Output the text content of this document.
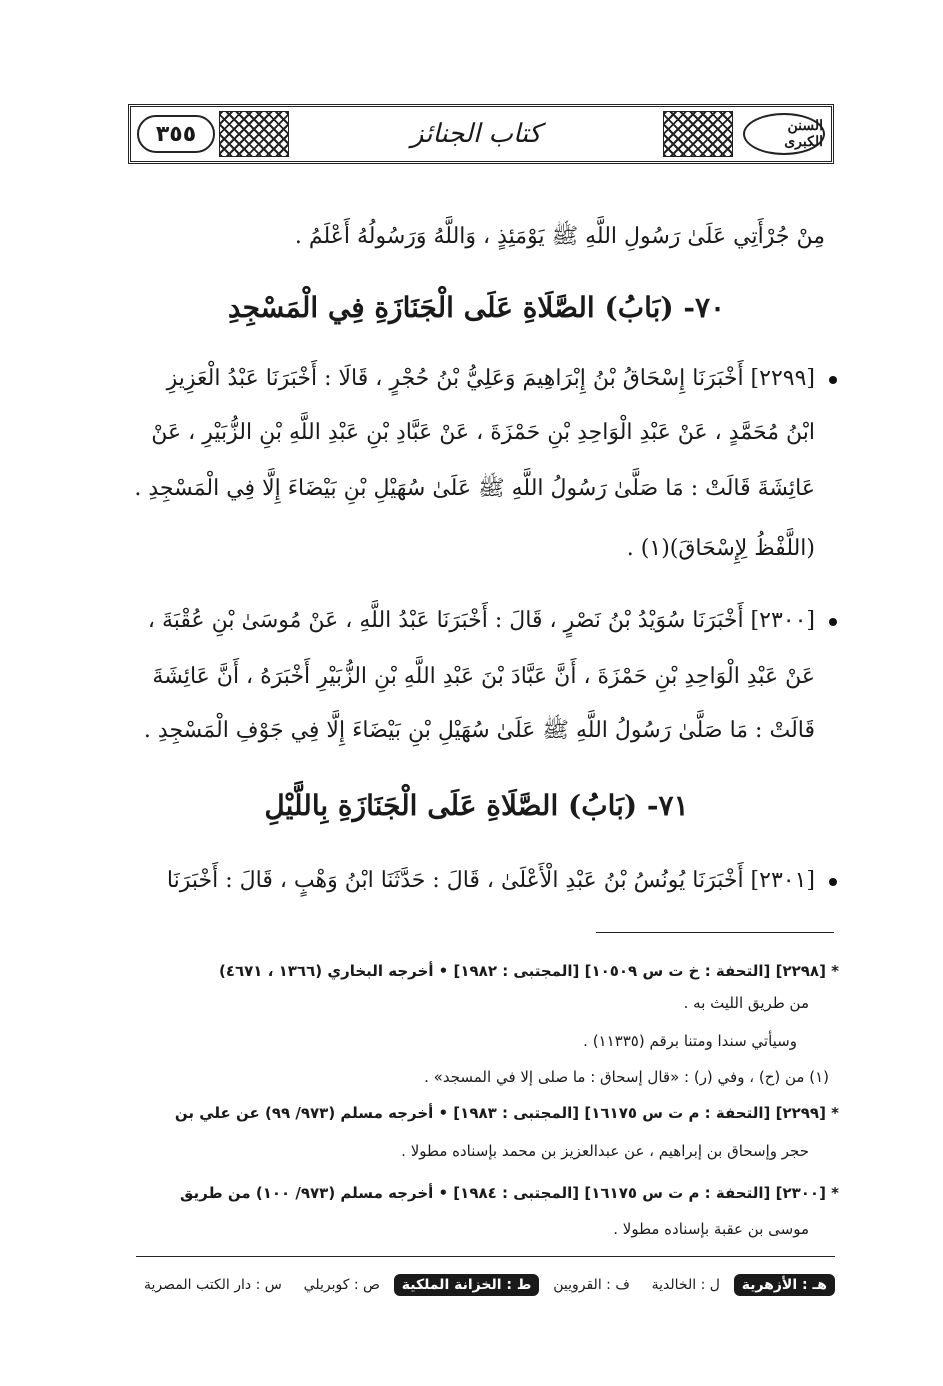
٣٥٥	كتاب الجنائز	السنن الكبرى
مِنْ جُرْأَتِي عَلَىٰ رَسُولِ اللَّهِ ﷺ يَوْمَئِذٍ ، وَاللَّهُ وَرَسُولُهُ أَعْلَمُ .
٧٠- (بَابُ) الصَّلَاةِ عَلَى الْجَنَازَةِ فِي الْمَسْجِدِ
[٢٢٩٩] أَخْبَرَنَا إِسْحَاقُ بْنُ إِبْرَاهِيمَ وَعَلِيُّ بْنُ حُجْرٍ ، قَالَا : أَخْبَرَنَا عَبْدُ الْعَزِيزِ
ابْنُ مُحَمَّدٍ ، عَنْ عَبْدِ الْوَاحِدِ بْنِ حَمْزَةَ ، عَنْ عَبَّادِ بْنِ عَبْدِ اللَّهِ بْنِ الزُّبَيْرِ ، عَنْ
عَائِشَةَ قَالَتْ : مَا صَلَّىٰ رَسُولُ اللَّهِ ﷺ عَلَىٰ سُهَيْلِ بْنِ بَيْضَاءَ إِلَّا فِي الْمَسْجِدِ .
(اللَّفْظُ لِإِسْحَاقَ)(١) .
[٢٣٠٠] أَخْبَرَنَا سُوَيْدُ بْنُ نَصْرٍ ، قَالَ : أَخْبَرَنَا عَبْدُ اللَّهِ ، عَنْ مُوسَىٰ بْنِ عُقْبَةَ ،
عَنْ عَبْدِ الْوَاحِدِ بْنِ حَمْزَةَ ، أَنَّ عَبَّادَ بْنَ عَبْدِ اللَّهِ بْنِ الزُّبَيْرِ أَخْبَرَهُ ، أَنَّ عَائِشَةَ
قَالَتْ : مَا صَلَّىٰ رَسُولُ اللَّهِ ﷺ عَلَىٰ سُهَيْلِ بْنِ بَيْضَاءَ إِلَّا فِي جَوْفِ الْمَسْجِدِ .
٧١- (بَابُ) الصَّلَاةِ عَلَى الْجَنَازَةِ بِاللَّيْلِ
[٢٣٠١] أَخْبَرَنَا يُونُسُ بْنُ عَبْدِ الْأَعْلَىٰ ، قَالَ : حَدَّثَنَا ابْنُ وَهْبٍ ، قَالَ : أَخْبَرَنَا
* [٢٢٩٨] [التحفة : خ ت س ١٠٥٠٩] [المجتبى : ١٩٨٢] • أخرجه البخاري (١٣٦٦ ، ٤٦٧١)
من طريق الليث به .
وسيأتي سندا ومتنا برقم (١١٣٣٥) .
(١) من (ح) ، وفي (ر) : «قال إسحاق : ما صلى إلا في المسجد» .
* [٢٢٩٩] [التحفة : م ت س ١٦١٧٥] [المجتبى : ١٩٨٣] • أخرجه مسلم (٩٧٣/ ٩٩) عن علي بن
حجر وإسحاق بن إبراهيم ، عن عبدالعزيز بن محمد بإسناده مطولا .
* [٢٣٠٠] [التحفة : م ت س ١٦١٧٥] [المجتبى : ١٩٨٤] • أخرجه مسلم (٩٧٣/ ١٠٠) من طريق
موسى بن عقبة بإسناده مطولا .
س : دار الكتب المصرية	ص : كوبريلي	ط : الخزانة الملكية	ف : القرويين	ل : الخالدية	هـ : الأزهرية
